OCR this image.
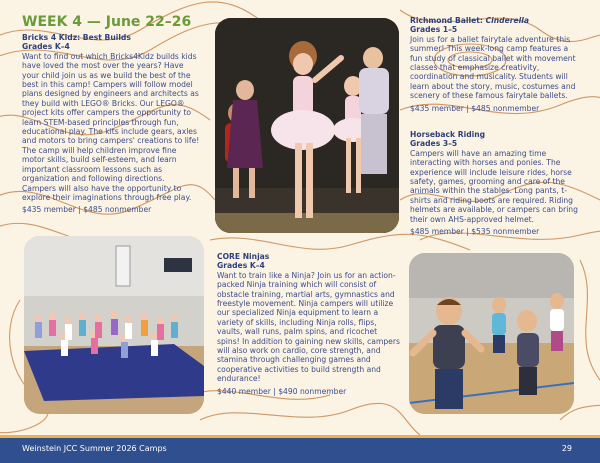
WEEK 4 — June 22–26

Bricks 4 Kidz: Best Builds

Grades K–4

Want to find out which Bricks4Kidz builds kids have loved the most over the years? Have your child join us as we build the best of the best in this camp! Campers will follow model plans designed by engineers and architects as they build with LEGO® Bricks. Our LEGO® project kits offer campers the opportunity to learn STEM-based principles through fun, educational play. The kits include gears, axles and motors to bring campers' creations to life! The camp will help children improve fine motor skills, build self-esteem, and learn important classroom lessons such as organization and following directions. Campers will also have the opportunity to explore their imaginations through free play.

$435 member | $485 nonmember

Richmond Ballet: Cinderella

Grades 1–5

Join us for a ballet fairytale adventure this summer! This week-long camp features a fun study of classical ballet with movement classes that emphasize creativity, coordination and musicality. Students will learn about the story, music, costumes and scenery of these famous fairytale ballets.

$435 member | $485 nonmember

Horseback Riding

Grades 3–5

Campers will have an amazing time interacting with horses and ponies. The experience will include leisure rides, horse safety, games, grooming and care of the animals within the stables. Long pants, t-shirts and riding boots are required. Riding helmets are available, or campers can bring their own AHS-approved helmet.

$485 member | $535 nonmember

CORE Ninjas

Grades K–4

Want to train like a Ninja? Join us for an action-packed Ninja training which will consist of obstacle training, martial arts, gymnastics and freestyle movement. Ninja campers will utilize our specialized Ninja equipment to learn a variety of skills, including Ninja rolls, flips, vaults, wall runs, palm spins, and ricochet spins! In addition to gaining new skills, campers will also work on cardio, core strength, and stamina through challenging games and cooperative activities to build strength and endurance!

$440 member | $490 nonmember

Weinstein JCC Summer 2026 Camps	29
